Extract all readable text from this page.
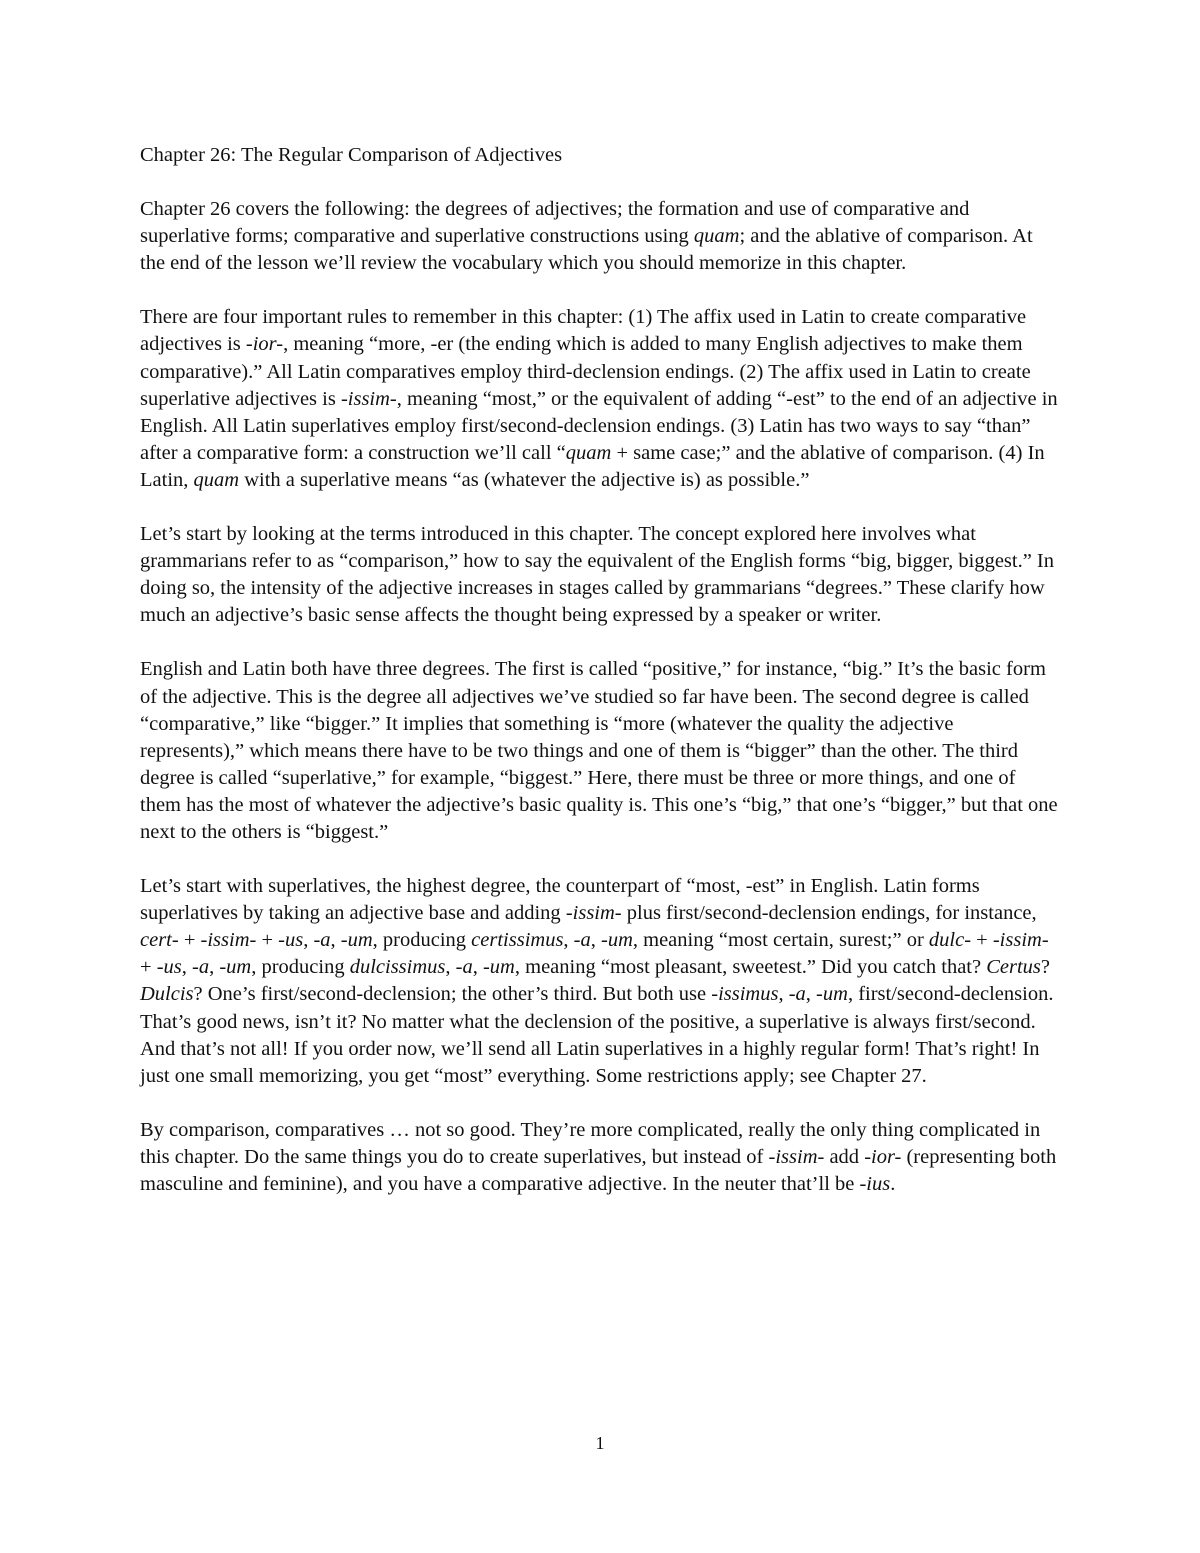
Chapter 26: The Regular Comparison of Adjectives
Chapter 26 covers the following: the degrees of adjectives; the formation and use of comparative and superlative forms; comparative and superlative constructions using quam; and the ablative of comparison. At the end of the lesson we’ll review the vocabulary which you should memorize in this chapter.
There are four important rules to remember in this chapter: (1) The affix used in Latin to create comparative adjectives is -ior-, meaning “more, -er (the ending which is added to many English adjectives to make them comparative).” All Latin comparatives employ third-declension endings. (2) The affix used in Latin to create superlative adjectives is -issim-, meaning “most,” or the equivalent of adding “-est” to the end of an adjective in English. All Latin superlatives employ first/second-declension endings. (3) Latin has two ways to say “than” after a comparative form: a construction we’ll call “quam + same case;” and the ablative of comparison. (4) In Latin, quam with a superlative means “as (whatever the adjective is) as possible.”
Let’s start by looking at the terms introduced in this chapter. The concept explored here involves what grammarians refer to as “comparison,” how to say the equivalent of the English forms “big, bigger, biggest.” In doing so, the intensity of the adjective increases in stages called by grammarians “degrees.” These clarify how much an adjective’s basic sense affects the thought being expressed by a speaker or writer.
English and Latin both have three degrees. The first is called “positive,” for instance, “big.” It’s the basic form of the adjective. This is the degree all adjectives we’ve studied so far have been. The second degree is called “comparative,” like “bigger.” It implies that something is “more (whatever the quality the adjective represents),” which means there have to be two things and one of them is “bigger” than the other. The third degree is called “superlative,” for example, “biggest.” Here, there must be three or more things, and one of them has the most of whatever the adjective’s basic quality is. This one’s “big,” that one’s “bigger,” but that one next to the others is “biggest.”
Let’s start with superlatives, the highest degree, the counterpart of “most, -est” in English. Latin forms superlatives by taking an adjective base and adding -issim- plus first/second-declension endings, for instance, cert- + -issim- + -us, -a, -um, producing certissimus, -a, -um, meaning “most certain, surest;” or dulc- + -issim- + -us, -a, -um, producing dulcissimus, -a, -um, meaning “most pleasant, sweetest.” Did you catch that? Certus? Dulcis? One’s first/second-declension; the other’s third. But both use -issimus, -a, -um, first/second-declension. That’s good news, isn’t it? No matter what the declension of the positive, a superlative is always first/second. And that’s not all! If you order now, we’ll send all Latin superlatives in a highly regular form! That’s right! In just one small memorizing, you get “most” everything. Some restrictions apply; see Chapter 27.
By comparison, comparatives … not so good. They’re more complicated, really the only thing complicated in this chapter. Do the same things you do to create superlatives, but instead of -issim- add -ior- (representing both masculine and feminine), and you have a comparative adjective. In the neuter that’ll be -ius.
1
